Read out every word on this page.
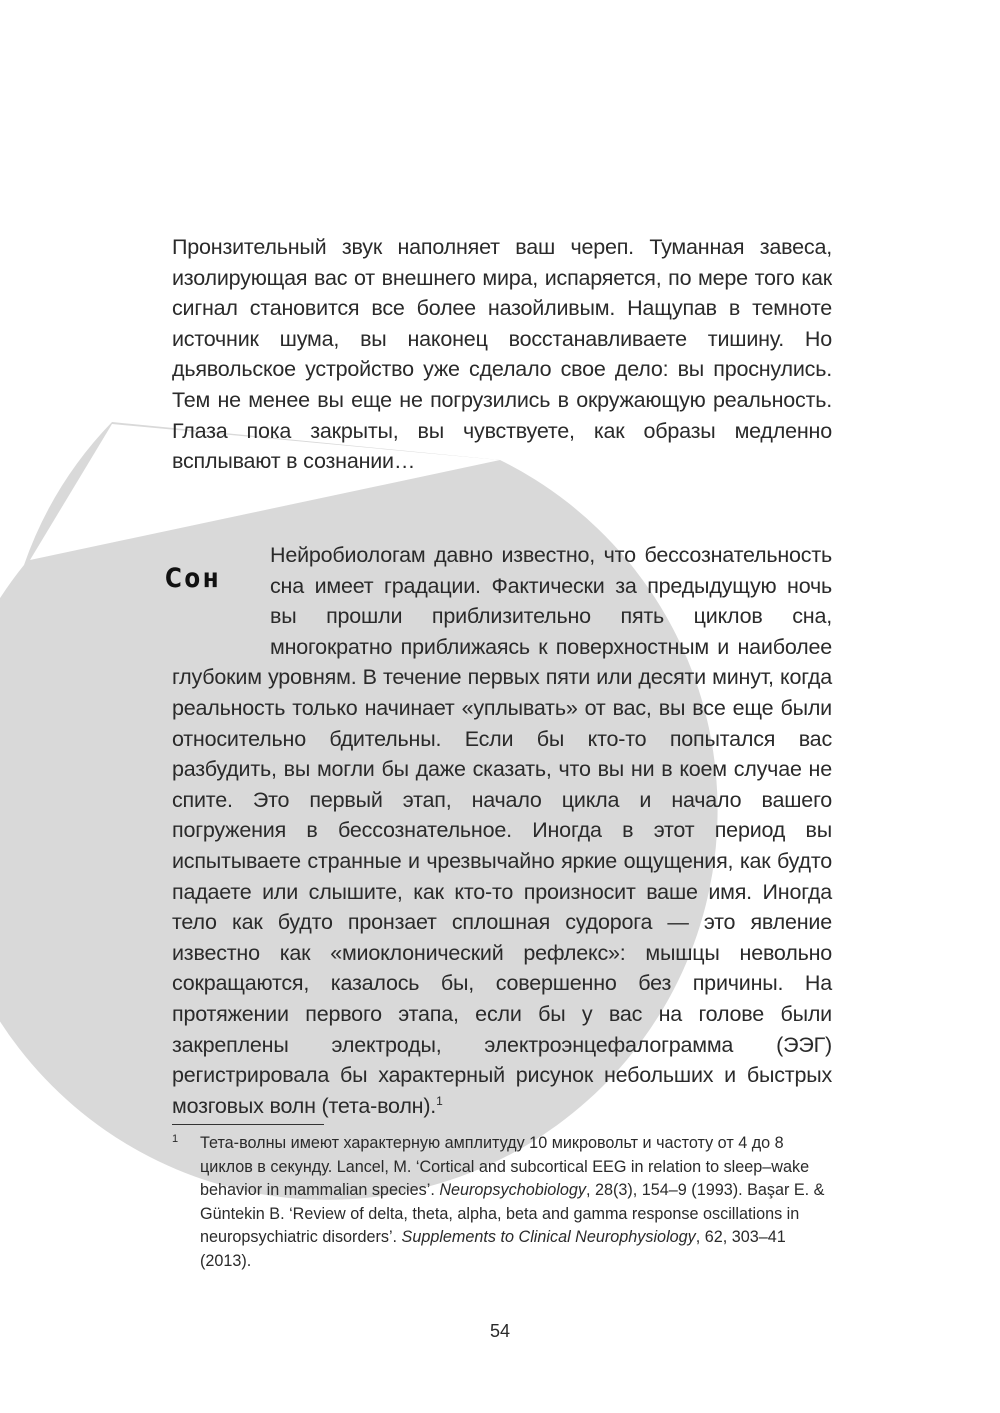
Пронзительный звук наполняет ваш череп. Туманная завеса, изолирующая вас от внешнего мира, испаряется, по мере того как сигнал становится все более назойливым. Нащупав в темноте источник шума, вы наконец восстанавливаете тишину. Но дьявольское устройство уже сделало свое дело: вы проснулись. Тем не менее вы еще не погрузились в окружающую реальность. Глаза пока закрыты, вы чувствуете, как образы медленно всплывают в сознании…

Сон

Нейробиологам давно известно, что бессознательность сна имеет градации. Фактически за предыдущую ночь вы прошли приблизительно пять циклов сна, многократно приближаясь к поверхностным и наиболее глубоким уровням. В течение первых пяти или десяти минут, когда реальность только начинает «уплывать» от вас, вы все еще были относительно бдительны. Если бы кто-то попытался вас разбудить, вы могли бы даже сказать, что вы ни в коем случае не спите. Это первый этап, начало цикла и начало вашего погружения в бессознательное. Иногда в этот период вы испытываете странные и чрезвычайно яркие ощущения, как будто падаете или слышите, как кто-то произносит ваше имя. Иногда тело как будто пронзает сплошная судорога — это явление известно как «миоклонический рефлекс»: мышцы невольно сокращаются, казалось бы, совершенно без причины. На протяжении первого этапа, если бы у вас на голове были закреплены электроды, электроэнцефалограмма (ЭЭГ) регистрировала бы характерный рисунок небольших и быстрых мозговых волн (тета-волн).$^1$

1 Тета-волны имеют характерную амплитуду 10 микровольт и частоту от 4 до 8 циклов в секунду. Lancel, M. ‘Cortical and subcortical EEG in relation to sleep–wake behavior in mammalian species’. Neuropsychobiology, 28(3), 154–9 (1993). Başar E. & Güntekin B. ‘Review of delta, theta, alpha, beta and gamma response oscillations in neuropsychiatric disorders’. Supplements to Clinical Neurophysiology, 62, 303–41 (2013).
54
